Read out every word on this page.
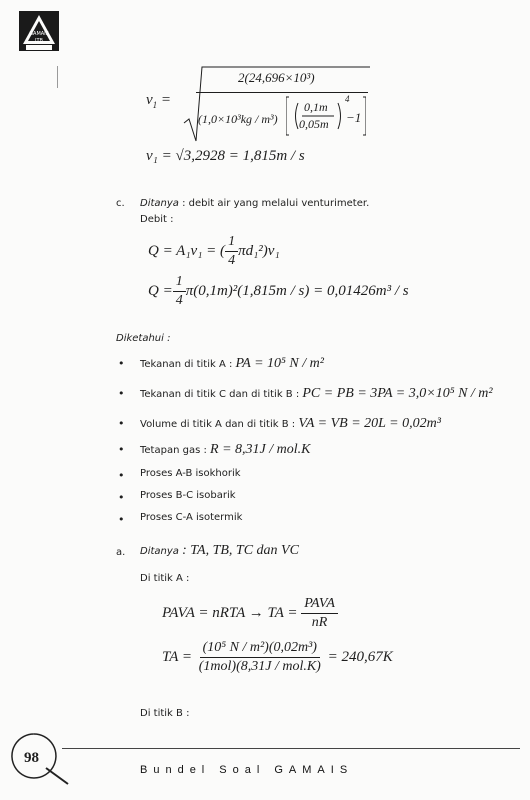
GAMAIS
ITB
$v_1$ =
2(24,696×10³)
(1,0×10³kg / m³)
0,1m
0,05m
4
−1
v₁ = √3,2928 = 1,815m / s
c. Ditanya : debit air yang melalui venturimeter.
Debit :
Q = A₁v₁ = ( $\frac{1}{4} \pi d_1^2)v_1$
$Q = \frac{1}{4} \pi(0,1m)^2(1,815m / s) = 0,01426m^3 / s$
Diketahui :
• Tekanan di titik A : PA = 10⁵ N / m²
• Tekanan di titik C dan di titik B : PC = PB = 3PA = 3,0×10⁵ N / m²
• Volume di titik A dan di titik B : VA = VB = 20L = 0,02m³
• Tetapan gas : R = 8,31J / mol.K
• Proses A-B isokhorik
• Proses B-C isobarik
• Proses C-A isotermik
a. Ditanya : TA, TB, TC dan VC
Di titik A :
PAVA = nRTA → TA = $\frac{\text{PAVA}}{nR}$
TA = $\frac{\text{(10⁵ N / m²)(0,02m³)}}{\text{(1mol)(8,31J / mol.K)}} = 240,67K$
Di titik B :
98
Bundel Soal GAMAIS
